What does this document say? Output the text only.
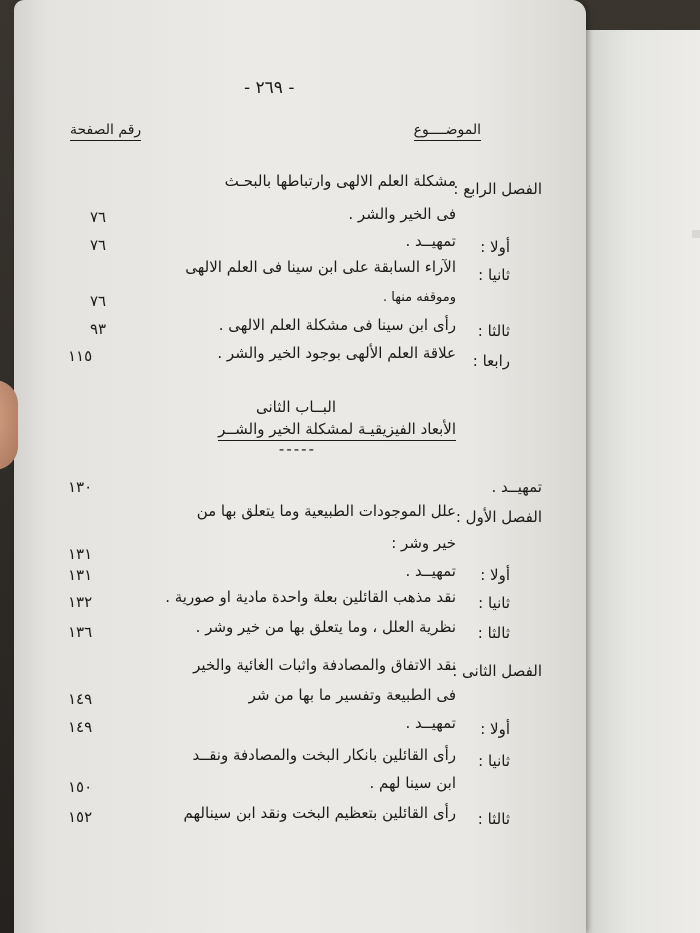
- ٢٦٩ -
الموضــــوع
رقم الصفحة
الفصل الرابع :
مشكلة العلم الالهى وارتباطها بالبحـث
فى الخير والشر .
٧٦
أولا :
تمهيــد .
٧٦
ثانيا :
الآراء السابقة على ابن سينا فى العلم الالهى
وموقفه منها .
٧٦
ثالثا :
رأى ابن سينا فى مشكلة العلم الالهى .
٩٣
رابعا :
علاقة العلم الألهى بوجود الخير والشر .
١١٥
البــاب الثانى
الأبعاد الفيزيقيـة لمشكلة الخير والشــر
-----
تمهيــد .
١٣٠
الفصل الأول :
علل الموجودات الطبيعية وما يتعلق بها من
خير وشر :
١٣١
أولا :
تمهيــد .
١٣١
ثانيا :
نقد مذهب القائلين بعلة واحدة مادية او صورية .
١٣٢
ثالثا :
نظرية العلل ، وما يتعلق بها من خير وشر .
١٣٦
الفصل الثانى :
نقد الاتفاق والمصادفة واثبات الغائية والخير
فى الطبيعة وتفسير ما بها من شر
١٤٩
أولا :
تمهيــد .
١٤٩
ثانيا :
رأى القائلين بانكار البخت والمصادفة ونقــد
ابن سينا لهم .
١٥٠
ثالثا :
رأى القائلين بتعظيم البخت ونقد ابن سينالهم
١٥٢
